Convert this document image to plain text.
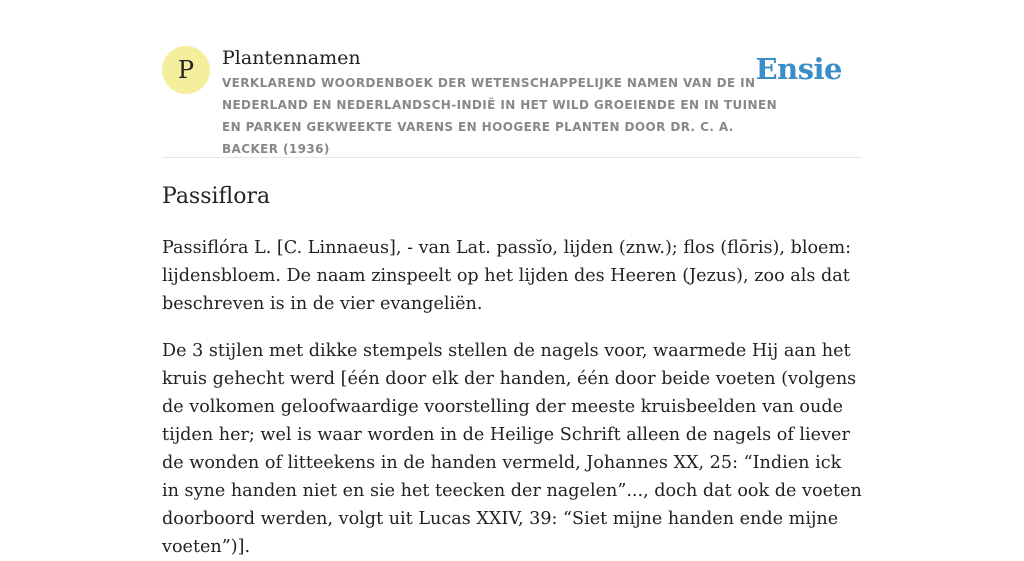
P	Plantennamen

VERKLAREND WOORDENBOEK DER WETENSCHAPPELIJKE NAMEN VAN DE IN NEDERLAND EN NEDERLANDSCH-INDIË IN HET WILD GROEIENDE EN IN TUINEN EN PARKEN GEKWEEKTE VARENS EN HOOGERE PLANTEN DOOR DR. C. A. BACKER (1936)

Ensie
Passiflora

Passiflóra L. [C. Linnaeus], - van Lat. passĭo, lijden (znw.); flos (flōris), bloem: lijdensbloem. De naam zinspeelt op het lijden des Heeren (Jezus), zoo als dat beschreven is in de vier evangeliën.

De 3 stijlen met dikke stempels stellen de nagels voor, waarmede Hij aan het kruis gehecht werd [één door elk der handen, één door beide voeten (volgens de volkomen geloofwaardige voorstelling der meeste kruisbeelden van oude tijden her; wel is waar worden in de Heilige Schrift alleen de nagels of liever de wonden of litteekens in de handen vermeld, Johannes XX, 25: “Indien ick in syne handen niet en sie het teecken der nagelen”..., doch dat ook de voeten doorboord werden, volgt uit Lucas XXIV, 39: “Siet mijne handen ende mijne voeten”)].
